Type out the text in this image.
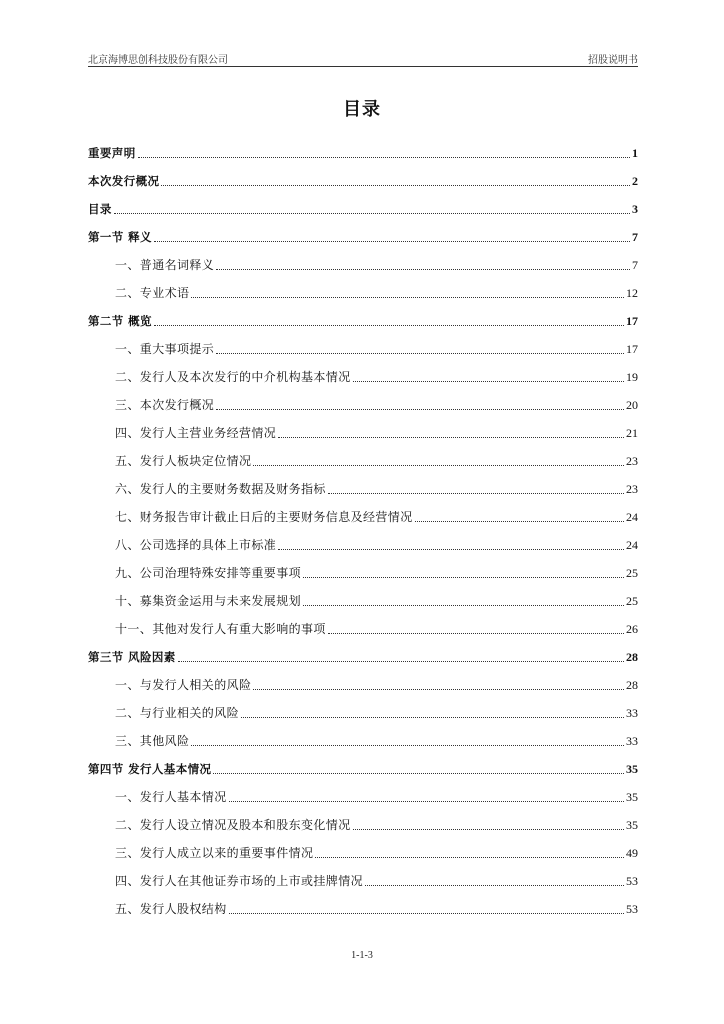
北京海博思创科技股份有限公司	招股说明书
目录
重要声明	1
本次发行概况	2
目录	3
第一节 释义	7
一、普通名词释义	7
二、专业术语	12
第二节 概览	17
一、重大事项提示	17
二、发行人及本次发行的中介机构基本情况	19
三、本次发行概况	20
四、发行人主营业务经营情况	21
五、发行人板块定位情况	23
六、发行人的主要财务数据及财务指标	23
七、财务报告审计截止日后的主要财务信息及经营情况	24
八、公司选择的具体上市标准	24
九、公司治理特殊安排等重要事项	25
十、募集资金运用与未来发展规划	25
十一、其他对发行人有重大影响的事项	26
第三节 风险因素	28
一、与发行人相关的风险	28
二、与行业相关的风险	33
三、其他风险	33
第四节 发行人基本情况	35
一、发行人基本情况	35
二、发行人设立情况及股本和股东变化情况	35
三、发行人成立以来的重要事件情况	49
四、发行人在其他证券市场的上市或挂牌情况	53
五、发行人股权结构	53
1-1-3
